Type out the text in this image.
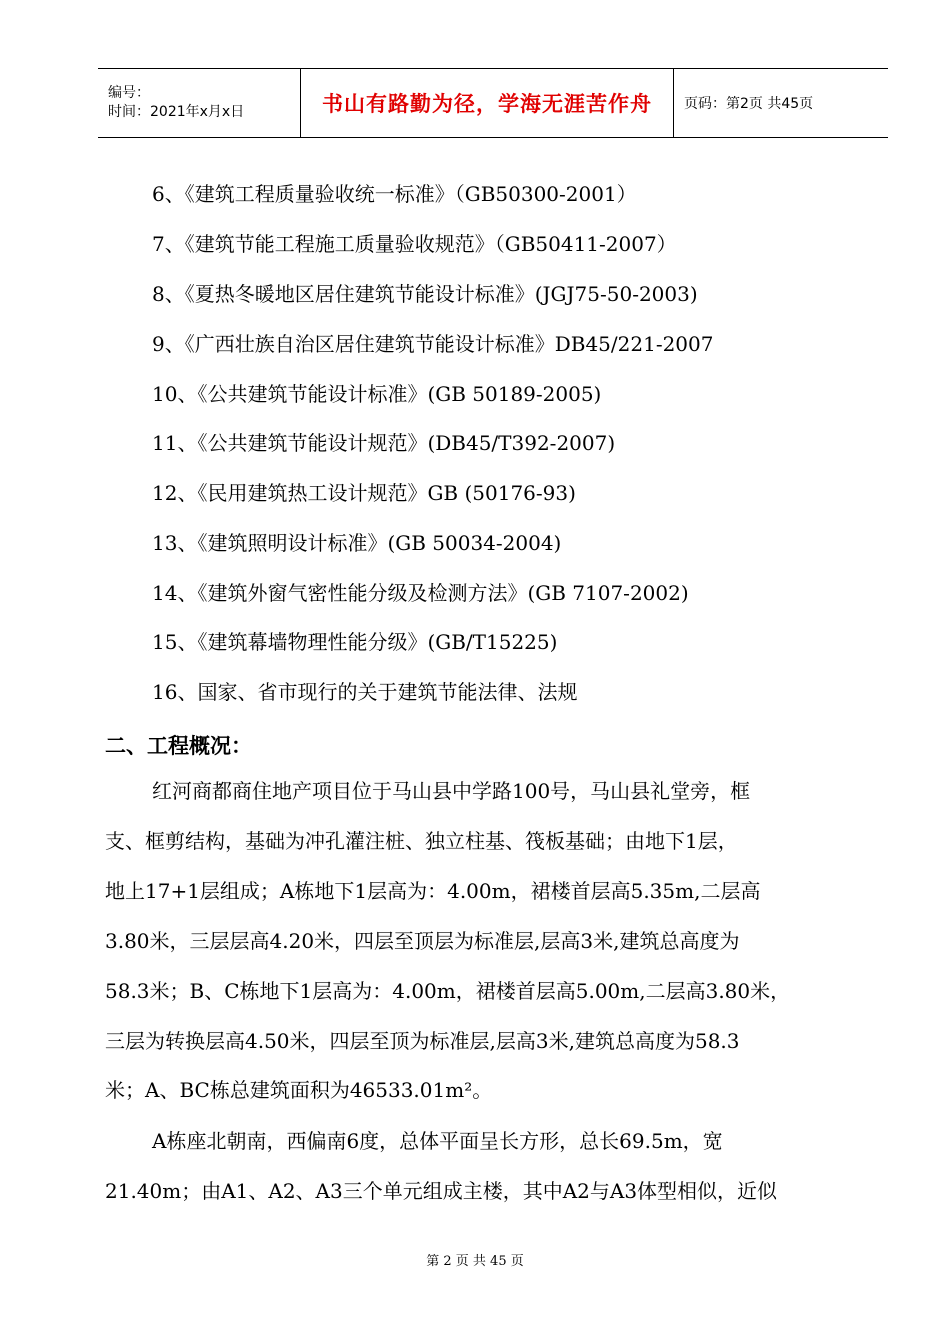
编号：
时间：2021年x月x日	书山有路勤为径，学海无涯苦作舟 页码：第2页 共45页
6、《建筑工程质量验收统一标准》（GB50300-2001）
7、《建筑节能工程施工质量验收规范》（GB50411-2007）
8、《夏热冬暖地区居住建筑节能设计标准》(JGJ75-50-2003)
9、《广西壮族自治区居住建筑节能设计标准》DB45/221-2007
10、《公共建筑节能设计标准》(GB 50189-2005)
11、《公共建筑节能设计规范》(DB45/T392-2007)
12、《民用建筑热工设计规范》GB (50176-93)
13、《建筑照明设计标准》(GB 50034-2004)
14、《建筑外窗气密性能分级及检测方法》(GB 7107-2002)
15、《建筑幕墙物理性能分级》(GB/T15225)
16、国家、省市现行的关于建筑节能法律、法规
二、工程概况：
红河商都商住地产项目位于马山县中学路100号，马山县礼堂旁，框
支、框剪结构，基础为冲孔灌注桩、独立柱基、筏板基础；由地下1层，
地上17+1层组成；A栋地下1层高为：4.00m，裙楼首层高5.35m,二层高
3.80米，三层层高4.20米，四层至顶层为标准层,层高3米,建筑总高度为
58.3米；B、C栋地下1层高为：4.00m，裙楼首层高5.00m,二层高3.80米，
三层为转换层高4.50米，四层至顶为标准层,层高3米,建筑总高度为58.3
米；A、BC栋总建筑面积为46533.01m²。
A栋座北朝南，西偏南6度，总体平面呈长方形，总长69.5m，宽
21.40m；由A1、A2、A3三个单元组成主楼，其中A2与A3体型相似，近似
第 2 页 共 45 页
